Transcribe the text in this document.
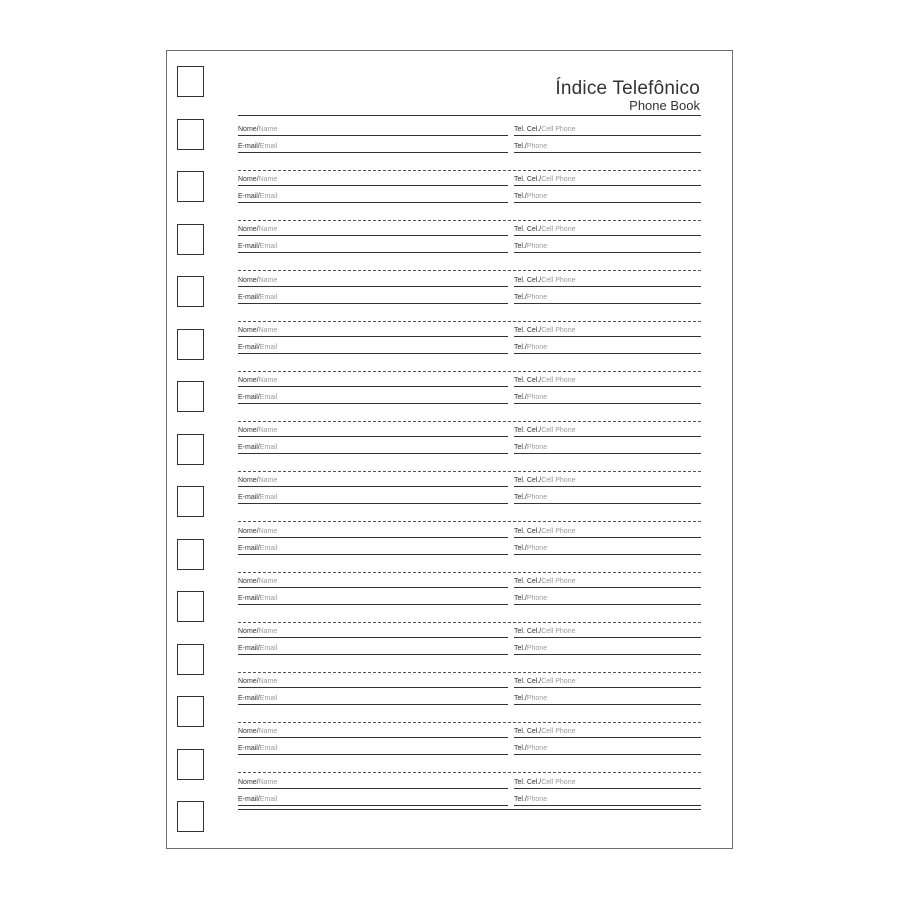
Índice Telefônico
Phone Book
Nome/Name	Tel. Cel./Cell Phone
E-mail/Email	Tel./Phone
Nome/Name	Tel. Cel./Cell Phone
E-mail/Email	Tel./Phone
Nome/Name	Tel. Cel./Cell Phone
E-mail/Email	Tel./Phone
Nome/Name	Tel. Cel./Cell Phone
E-mail/Email	Tel./Phone
Nome/Name	Tel. Cel./Cell Phone
E-mail/Email	Tel./Phone
Nome/Name	Tel. Cel./Cell Phone
E-mail/Email	Tel./Phone
Nome/Name	Tel. Cel./Cell Phone
E-mail/Email	Tel./Phone
Nome/Name	Tel. Cel./Cell Phone
E-mail/Email	Tel./Phone
Nome/Name	Tel. Cel./Cell Phone
E-mail/Email	Tel./Phone
Nome/Name	Tel. Cel./Cell Phone
E-mail/Email	Tel./Phone
Nome/Name	Tel. Cel./Cell Phone
E-mail/Email	Tel./Phone
Nome/Name	Tel. Cel./Cell Phone
E-mail/Email	Tel./Phone
Nome/Name	Tel. Cel./Cell Phone
E-mail/Email	Tel./Phone
Nome/Name	Tel. Cel./Cell Phone
E-mail/Email	Tel./Phone
